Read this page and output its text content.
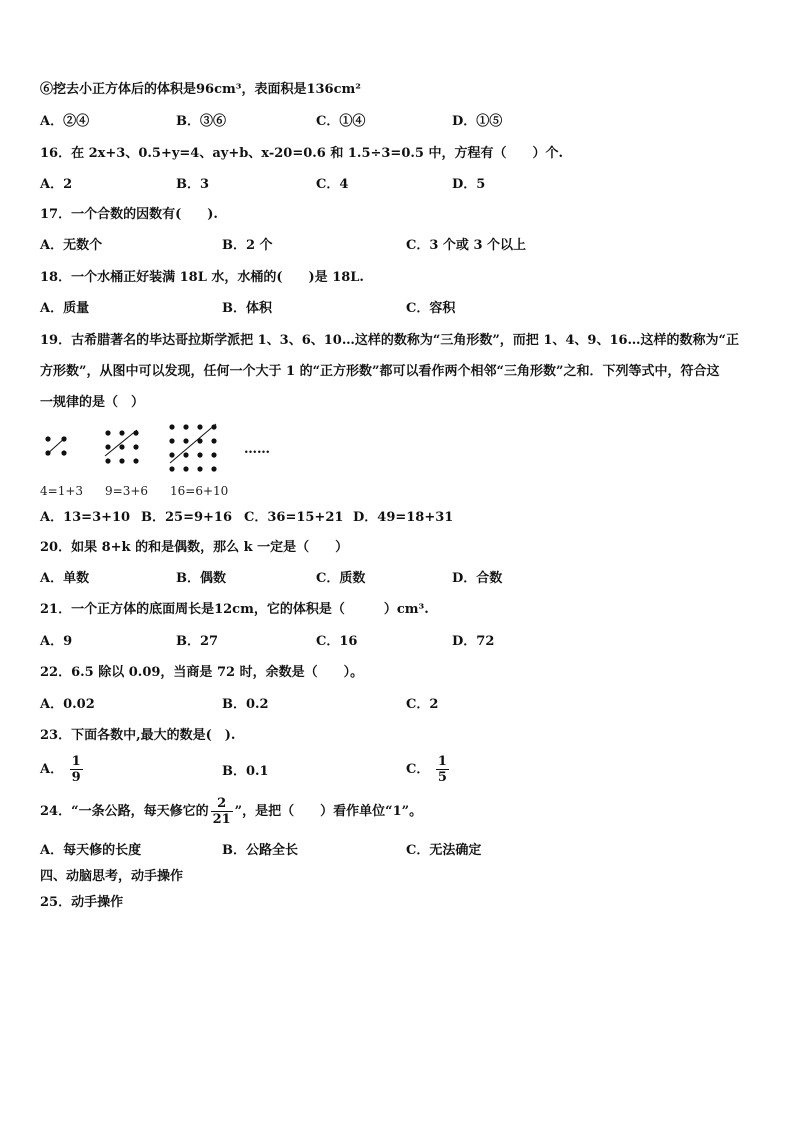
⑥挖去小正方体后的体积是96cm³，表面积是136cm²
A．②④	B．③⑥	C．①④	D．①⑤
16．在 2x+3、0.5+y=4、ay+b、x-20=0.6 和 1.5÷3=0.5 中，方程有（　　）个.
A．2	B．3	C．4	D．5
17．一个合数的因数有(　　).
A．无数个	B．2 个	C．3 个或 3 个以上
18．一个水桶正好装满 18L 水，水桶的(　　)是 18L.
A．质量	B．体积	C．容积
19．古希腊著名的毕达哥拉斯学派把 1、3、6、10…这样的数称为“三角形数”，而把 1、4、9、16…这样的数称为“正
方形数”，从图中可以发现，任何一个大于 1 的“正方形数”都可以看作两个相邻“三角形数”之和．下列等式中，符合这
一规律的是（　）
……
4=1+3 9=3+6 16=6+10
A．13=3+10 B．25=9+16 C．36=15+21 D．49=18+31
20．如果 8+k 的和是偶数，那么 k 一定是（　　）
A．单数	B．偶数	C．质数	D．合数
21．一个正方体的底面周长是12cm，它的体积是（　　　）cm³.
A．9	B．27	C．16	D．72
22．6.5 除以 0.09，当商是 72 时，余数是（　　）。
A．0.02	B．0.2	C．2
23．下面各数中,最大的数是(　).
A． $\frac{1}{9}$	B．0.1	C． $\frac{1}{5}$
24．“一条公路，每天修它的 $\frac{2}{21}$ ”，是把（　　）看作单位“1”。
A．每天修的长度	B．公路全长	C．无法确定
四、动脑思考，动手操作
25．动手操作
